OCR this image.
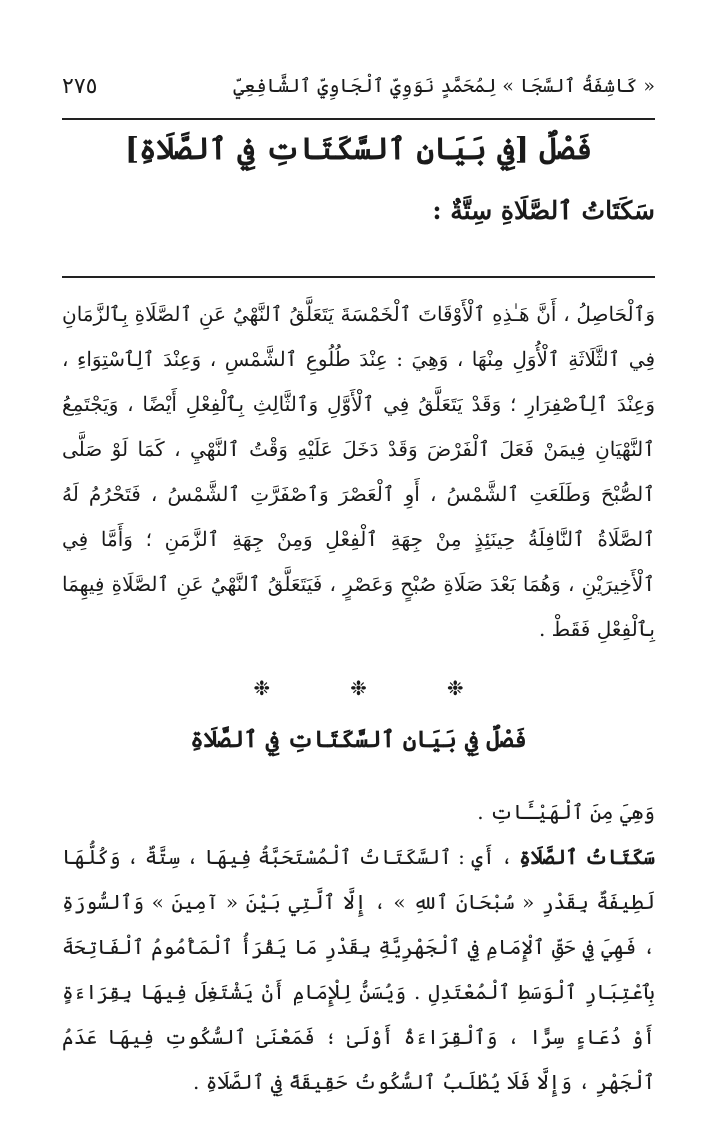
٢٧٥	« كَاشِفَةُ ٱلسَّجَا » لِمُحَمَّدٍ نَوَوِيِّ ٱلْجَاوِيِّ ٱلشَّافِعِيِّ
فَصْلٌ [فِي بَيَانِ ٱلسَّكَتَاتِ فِي ٱلصَّلَاةِ]
سَكَتَاتُ ٱلصَّلَاةِ سِتَّةٌ :

وَٱلْحَاصِلُ ، أَنَّ هَـٰذِهِ ٱلْأَوْقَاتَ ٱلْخَمْسَةَ يَتَعَلَّقُ ٱلنَّهْيُ عَنِ ٱلصَّلَاةِ بِٱلزَّمَانِ فِي ٱلثَّلَاثَةِ ٱلْأُوَلِ مِنْهَا ، وَهِيَ : عِنْدَ طُلُوعِ ٱلشَّمْسِ ، وَعِنْدَ ٱلِٱسْتِوَاءِ ، وَعِنْدَ ٱلِٱصْفِرَارِ ؛ وَقَدْ يَتَعَلَّقُ فِي ٱلْأَوَّلِ وَٱلثَّالِثِ بِٱلْفِعْلِ أَيْضًا ، وَيَجْتَمِعُ ٱلنَّهْيَانِ فِيمَنْ فَعَلَ ٱلْفَرْضَ وَقَدْ دَخَلَ عَلَيْهِ وَقْتُ ٱلنَّهْيِ ، كَمَا لَوْ صَلَّى ٱلصُّبْحَ وَطَلَعَتِ ٱلشَّمْسُ ، أَوِ ٱلْعَصْرَ وَٱصْفَرَّتِ ٱلشَّمْسُ ، فَتَحْرُمُ لَهُ ٱلصَّلَاةُ ٱلنَّافِلَةُ حِينَئِذٍ مِنْ جِهَةِ ٱلْفِعْلِ وَمِنْ جِهَةِ ٱلزَّمَنِ ؛ وَأَمَّا فِي ٱلْأَخِيرَيْنِ ، وَهُمَا بَعْدَ صَلَاةِ صُبْحٍ وَعَصْرٍ ، فَيَتَعَلَّقُ ٱلنَّهْيُ عَنِ ٱلصَّلَاةِ فِيهِمَا بِٱلْفِعْلِ فَقَطْ .

❉	❉	❉
فَصْلٌ فِي بَيَانِ ٱلسَّكَتَاتِ فِي ٱلصَّلَاةِ

وَهِيَ مِنَ ٱلْهَيْـَٔاتِ .

سَكَتَاتُ ٱلصَّلَاةِ ، أَيِ : ٱلسَّكَتَاتُ ٱلْمُسْتَحَبَّةُ فِيهَا ، سِتَّةٌ ، وَكُلُّهَا لَطِيفَةٌ بِقَدْرِ « سُبْحَانَ ٱللهِ » ، إِلَّا ٱلَّتِي بَيْنَ « آمِينَ » وَٱلسُّورَةِ ، فَهِيَ فِي حَقِّ ٱلْإِمَامِ فِي ٱلْجَهْرِيَّةِ بِقَدْرِ مَا يَقْرَأُ ٱلْمَأْمُومُ ٱلْفَاتِحَةَ بِٱعْتِبَارِ ٱلْوَسَطِ ٱلْمُعْتَدِلِ . وَيُسَنُّ لِلْإِمَامِ أَنْ يَشْتَغِلَ فِيهَا بِقِرَاءَةٍ أَوْ دُعَاءٍ سِرًّا ، وَٱلْقِرَاءَةُ أَوْلَىٰ ؛ فَمَعْنَىٰ ٱلسُّكُوتِ فِيهَا عَدَمُ ٱلْجَهْرِ ، وَإِلَّا فَلَا يُطْلَبُ ٱلسُّكُوتُ حَقِيقَةً فِي ٱلصَّلَاةِ .
